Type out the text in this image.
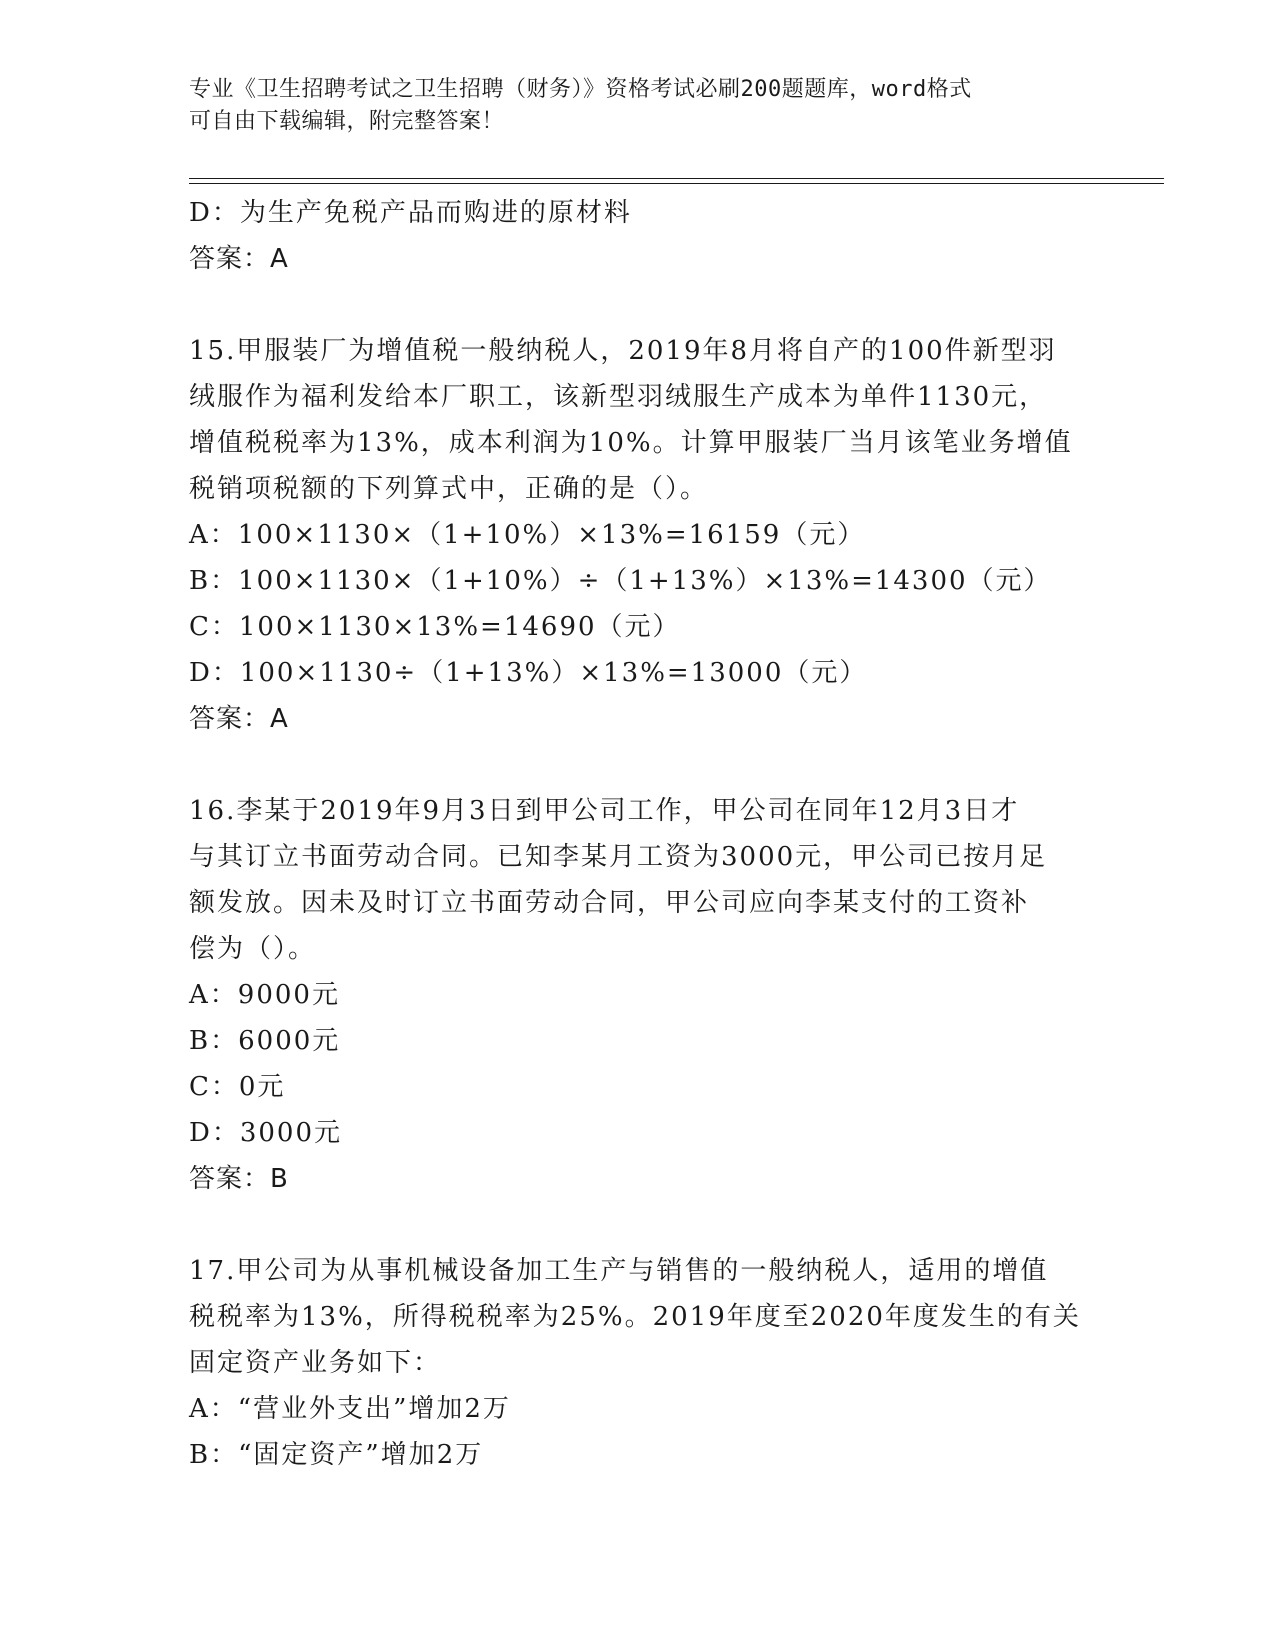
专业《卫生招聘考试之卫生招聘（财务）》资格考试必刷200题题库，word格式
可自由下载编辑，附完整答案！
D：为生产免税产品而购进的原材料
答案：A
15.甲服装厂为增值税一般纳税人，2019年8月将自产的100件新型羽
绒服作为福利发给本厂职工，该新型羽绒服生产成本为单件1130元，
增值税税率为13%，成本利润为10%。计算甲服装厂当月该笔业务增值
税销项税额的下列算式中，正确的是（）。
A：100×1130×（1+10%）×13%=16159（元）
B：100×1130×（1+10%）÷（1+13%）×13%=14300（元）
C：100×1130×13%=14690（元）
D：100×1130÷（1+13%）×13%=13000（元）
答案：A
16.李某于2019年9月3日到甲公司工作，甲公司在同年12月3日才
与其订立书面劳动合同。已知李某月工资为3000元，甲公司已按月足
额发放。因未及时订立书面劳动合同，甲公司应向李某支付的工资补
偿为（）。
A：9000元
B：6000元
C：0元
D：3000元
答案：B
17.甲公司为从事机械设备加工生产与销售的一般纳税人，适用的增值
税税率为13%，所得税税率为25%。2019年度至2020年度发生的有关
固定资产业务如下：
A：“营业外支出”增加2万
B：“固定资产”增加2万
